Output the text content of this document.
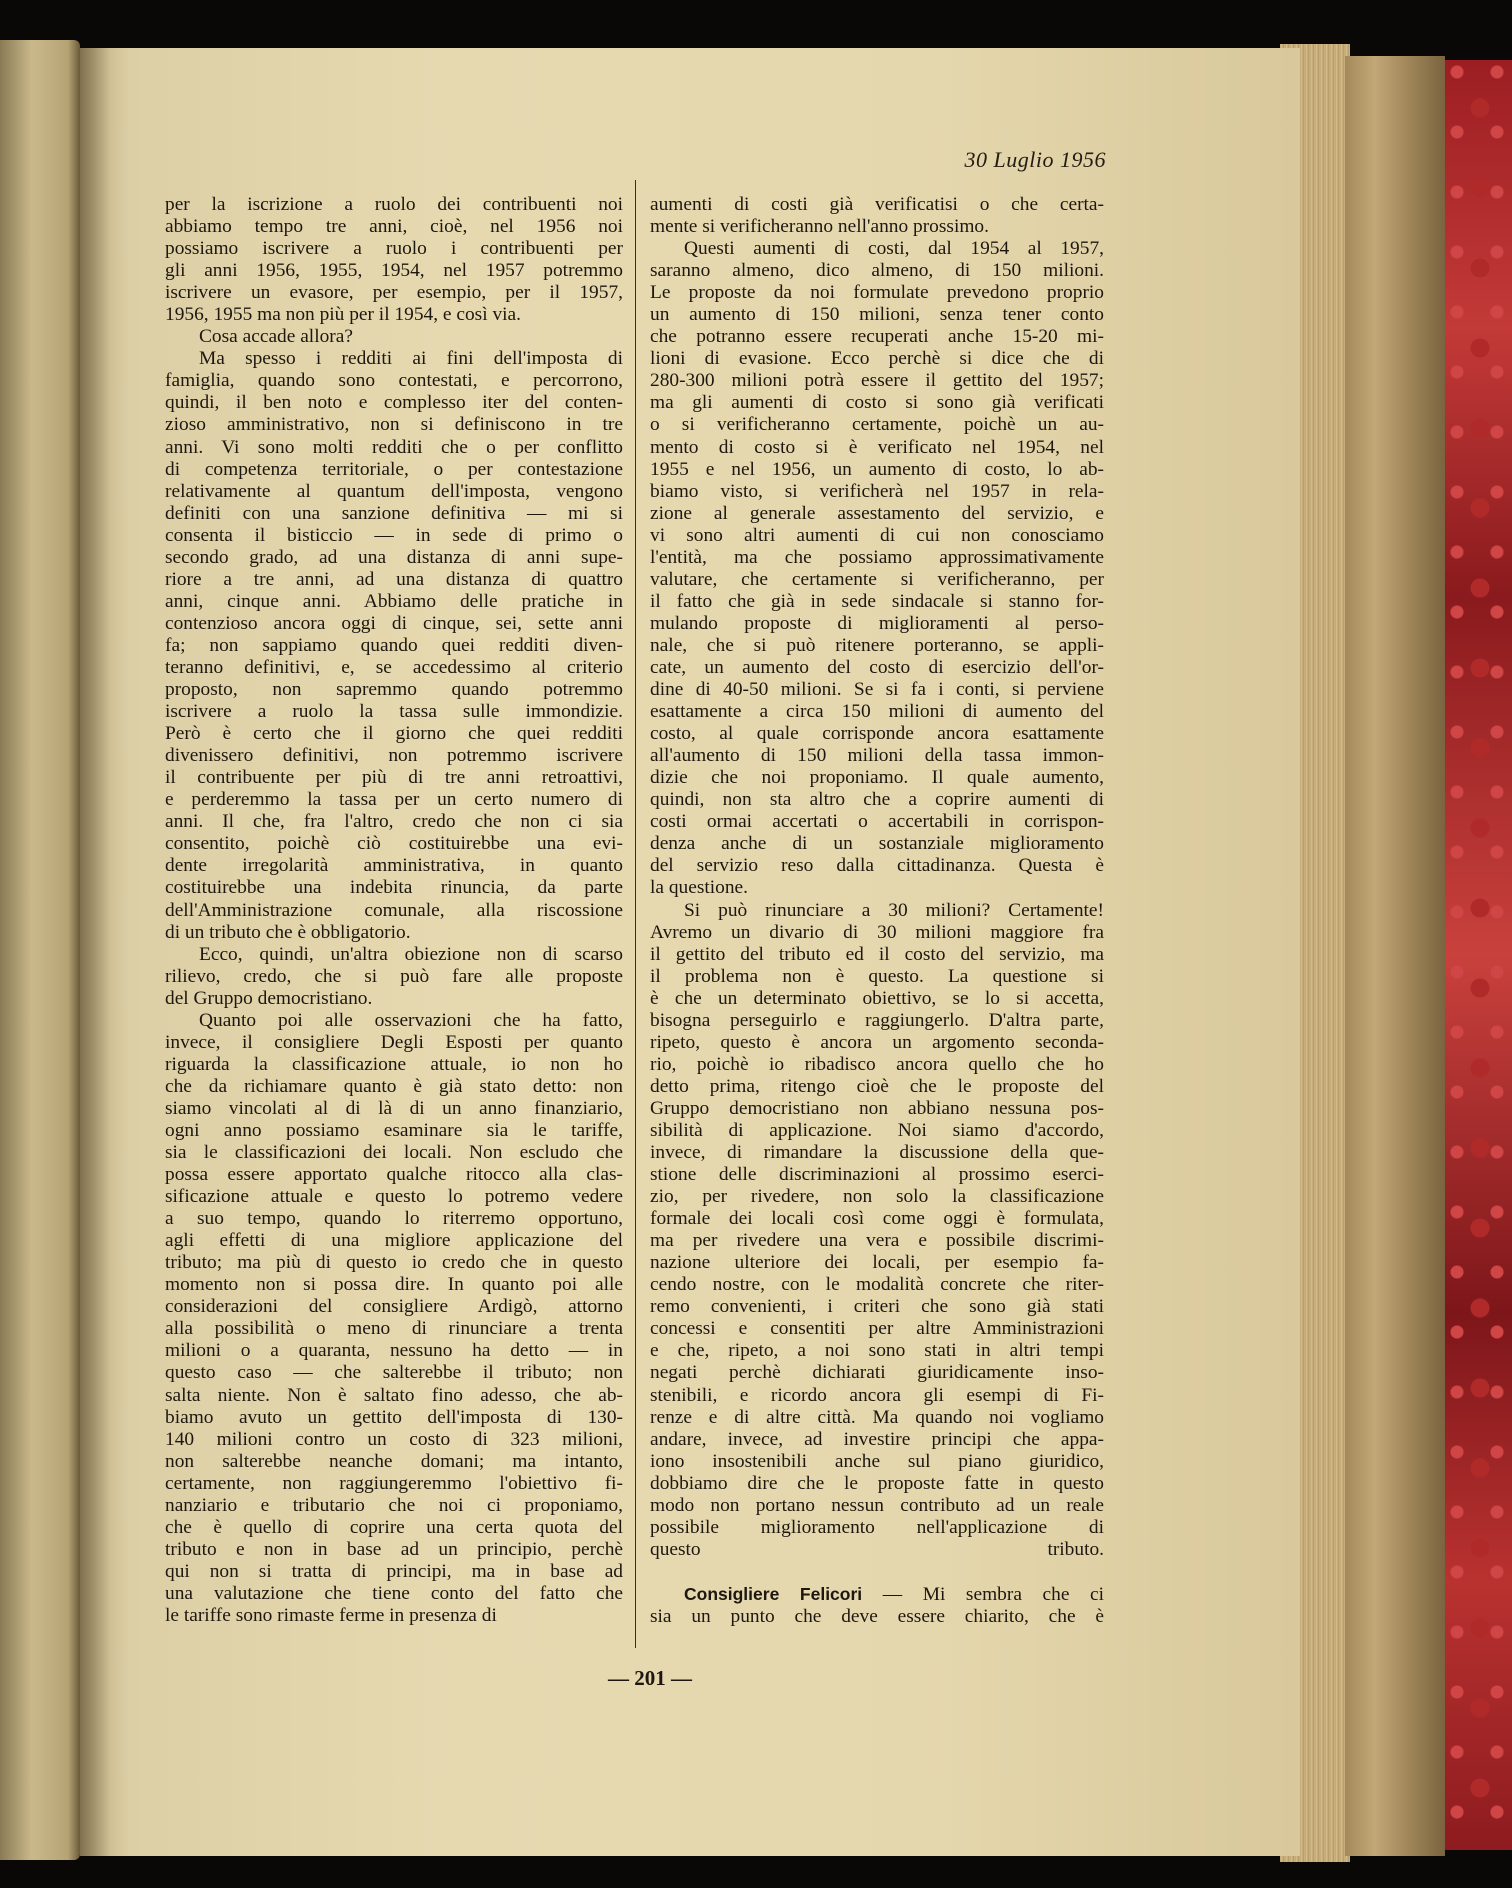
30 Luglio 1956
per la iscrizione a ruolo dei contribuenti noi
abbiamo tempo tre anni, cioè, nel 1956 noi
possiamo iscrivere a ruolo i contribuenti per
gli anni 1956, 1955, 1954, nel 1957 potremmo
iscrivere un evasore, per esempio, per il 1957,
1956, 1955 ma non più per il 1954, e così via.
Cosa accade allora?
Ma spesso i redditi ai fini dell'imposta di
famiglia, quando sono contestati, e percorrono,
quindi, il ben noto e complesso iter del conten-
zioso amministrativo, non si definiscono in tre
anni. Vi sono molti redditi che o per conflitto
di competenza territoriale, o per contestazione
relativamente al quantum dell'imposta, vengono
definiti con una sanzione definitiva — mi si
consenta il bisticcio — in sede di primo o
secondo grado, ad una distanza di anni supe-
riore a tre anni, ad una distanza di quattro
anni, cinque anni. Abbiamo delle pratiche in
contenzioso ancora oggi di cinque, sei, sette anni
fa; non sappiamo quando quei redditi diven-
teranno definitivi, e, se accedessimo al criterio
proposto, non sapremmo quando potremmo
iscrivere a ruolo la tassa sulle immondizie.
Però è certo che il giorno che quei redditi
divenissero definitivi, non potremmo iscrivere
il contribuente per più di tre anni retroattivi,
e perderemmo la tassa per un certo numero di
anni. Il che, fra l'altro, credo che non ci sia
consentito, poichè ciò costituirebbe una evi-
dente irregolarità amministrativa, in quanto
costituirebbe una indebita rinuncia, da parte
dell'Amministrazione comunale, alla riscossione
di un tributo che è obbligatorio.
Ecco, quindi, un'altra obiezione non di scarso
rilievo, credo, che si può fare alle proposte
del Gruppo democristiano.
Quanto poi alle osservazioni che ha fatto,
invece, il consigliere Degli Esposti per quanto
riguarda la classificazione attuale, io non ho
che da richiamare quanto è già stato detto: non
siamo vincolati al di là di un anno finanziario,
ogni anno possiamo esaminare sia le tariffe,
sia le classificazioni dei locali. Non escludo che
possa essere apportato qualche ritocco alla clas-
sificazione attuale e questo lo potremo vedere
a suo tempo, quando lo riterremo opportuno,
agli effetti di una migliore applicazione del
tributo; ma più di questo io credo che in questo
momento non si possa dire. In quanto poi alle
considerazioni del consigliere Ardigò, attorno
alla possibilità o meno di rinunciare a trenta
milioni o a quaranta, nessuno ha detto — in
questo caso — che salterebbe il tributo; non
salta niente. Non è saltato fino adesso, che ab-
biamo avuto un gettito dell'imposta di 130-
140 milioni contro un costo di 323 milioni,
non salterebbe neanche domani; ma intanto,
certamente, non raggiungeremmo l'obiettivo fi-
nanziario e tributario che noi ci proponiamo,
che è quello di coprire una certa quota del
tributo e non in base ad un principio, perchè
qui non si tratta di principi, ma in base ad
una valutazione che tiene conto del fatto che
le tariffe sono rimaste ferme in presenza di
aumenti di costi già verificatisi o che certa-
mente si verificheranno nell'anno prossimo.
Questi aumenti di costi, dal 1954 al 1957,
saranno almeno, dico almeno, di 150 milioni.
Le proposte da noi formulate prevedono proprio
un aumento di 150 milioni, senza tener conto
che potranno essere recuperati anche 15-20 mi-
lioni di evasione. Ecco perchè si dice che di
280-300 milioni potrà essere il gettito del 1957;
ma gli aumenti di costo si sono già verificati
o si verificheranno certamente, poichè un au-
mento di costo si è verificato nel 1954, nel
1955 e nel 1956, un aumento di costo, lo ab-
biamo visto, si verificherà nel 1957 in rela-
zione al generale assestamento del servizio, e
vi sono altri aumenti di cui non conosciamo
l'entità, ma che possiamo approssimativamente
valutare, che certamente si verificheranno, per
il fatto che già in sede sindacale si stanno for-
mulando proposte di miglioramenti al perso-
nale, che si può ritenere porteranno, se appli-
cate, un aumento del costo di esercizio dell'or-
dine di 40-50 milioni. Se si fa i conti, si perviene
esattamente a circa 150 milioni di aumento del
costo, al quale corrisponde ancora esattamente
all'aumento di 150 milioni della tassa immon-
dizie che noi proponiamo. Il quale aumento,
quindi, non sta altro che a coprire aumenti di
costi ormai accertati o accertabili in corrispon-
denza anche di un sostanziale miglioramento
del servizio reso dalla cittadinanza. Questa è
la questione.
Si può rinunciare a 30 milioni? Certamente!
Avremo un divario di 30 milioni maggiore fra
il gettito del tributo ed il costo del servizio, ma
il problema non è questo. La questione si
è che un determinato obiettivo, se lo si accetta,
bisogna perseguirlo e raggiungerlo. D'altra parte,
ripeto, questo è ancora un argomento seconda-
rio, poichè io ribadisco ancora quello che ho
detto prima, ritengo cioè che le proposte del
Gruppo democristiano non abbiano nessuna pos-
sibilità di applicazione. Noi siamo d'accordo,
invece, di rimandare la discussione della que-
stione delle discriminazioni al prossimo eserci-
zio, per rivedere, non solo la classificazione
formale dei locali così come oggi è formulata,
ma per rivedere una vera e possibile discrimi-
nazione ulteriore dei locali, per esempio fa-
cendo nostre, con le modalità concrete che riter-
remo convenienti, i criteri che sono già stati
concessi e consentiti per altre Amministrazioni
e che, ripeto, a noi sono stati in altri tempi
negati perchè dichiarati giuridicamente inso-
stenibili, e ricordo ancora gli esempi di Fi-
renze e di altre città. Ma quando noi vogliamo
andare, invece, ad investire principi che appa-
iono insostenibili anche sul piano giuridico,
dobbiamo dire che le proposte fatte in questo
modo non portano nessun contributo ad un reale
possibile miglioramento nell'applicazione di
questo tributo.
Consigliere Felicori — Mi sembra che ci
sia un punto che deve essere chiarito, che è
— 201 —
